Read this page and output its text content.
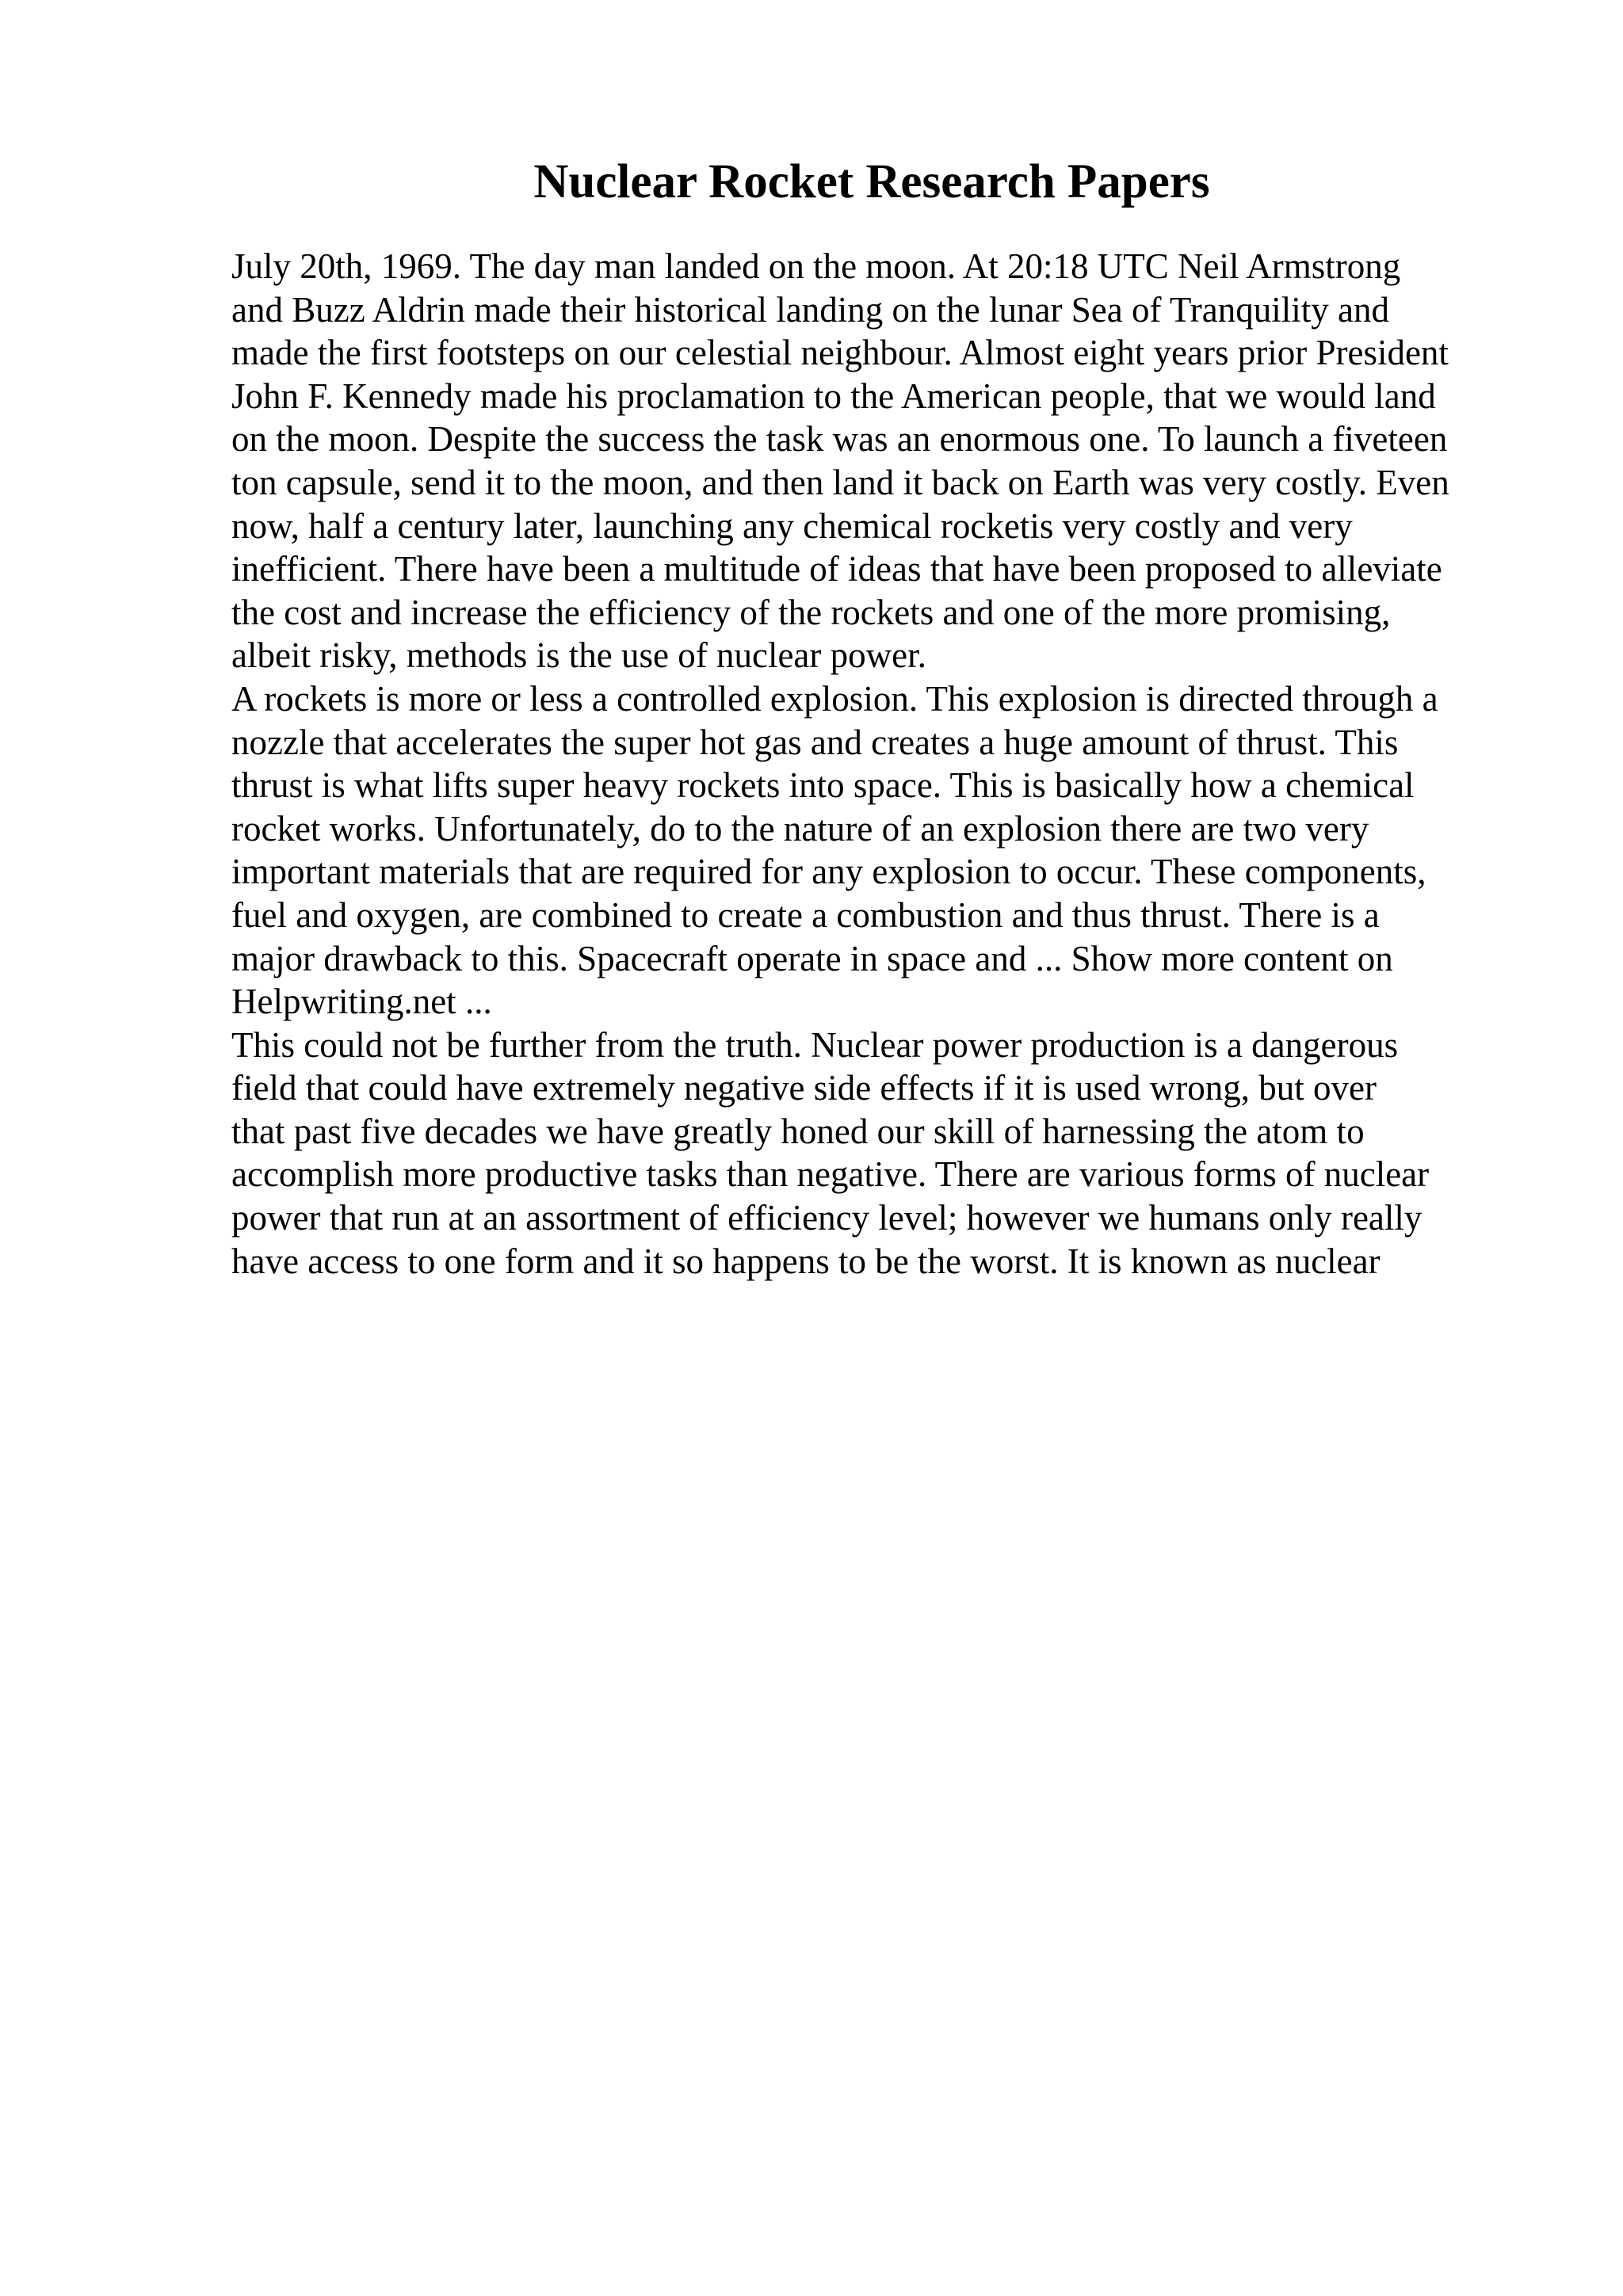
Nuclear Rocket Research Papers
July 20th, 1969. The day man landed on the moon. At 20:18 UTC Neil Armstrong
and Buzz Aldrin made their historical landing on the lunar Sea of Tranquility and
made the first footsteps on our celestial neighbour. Almost eight years prior President
John F. Kennedy made his proclamation to the American people, that we would land
on the moon. Despite the success the task was an enormous one. To launch a fiveteen
ton capsule, send it to the moon, and then land it back on Earth was very costly. Even
now, half a century later, launching any chemical rocketis very costly and very
inefficient. There have been a multitude of ideas that have been proposed to alleviate
the cost and increase the efficiency of the rockets and one of the more promising,
albeit risky, methods is the use of nuclear power.
A rockets is more or less a controlled explosion. This explosion is directed through a
nozzle that accelerates the super hot gas and creates a huge amount of thrust. This
thrust is what lifts super heavy rockets into space. This is basically how a chemical
rocket works. Unfortunately, do to the nature of an explosion there are two very
important materials that are required for any explosion to occur. These components,
fuel and oxygen, are combined to create a combustion and thus thrust. There is a
major drawback to this. Spacecraft operate in space and ... Show more content on
Helpwriting.net ...
This could not be further from the truth. Nuclear power production is a dangerous
field that could have extremely negative side effects if it is used wrong, but over
that past five decades we have greatly honed our skill of harnessing the atom to
accomplish more productive tasks than negative. There are various forms of nuclear
power that run at an assortment of efficiency level; however we humans only really
have access to one form and it so happens to be the worst. It is known as nuclear
